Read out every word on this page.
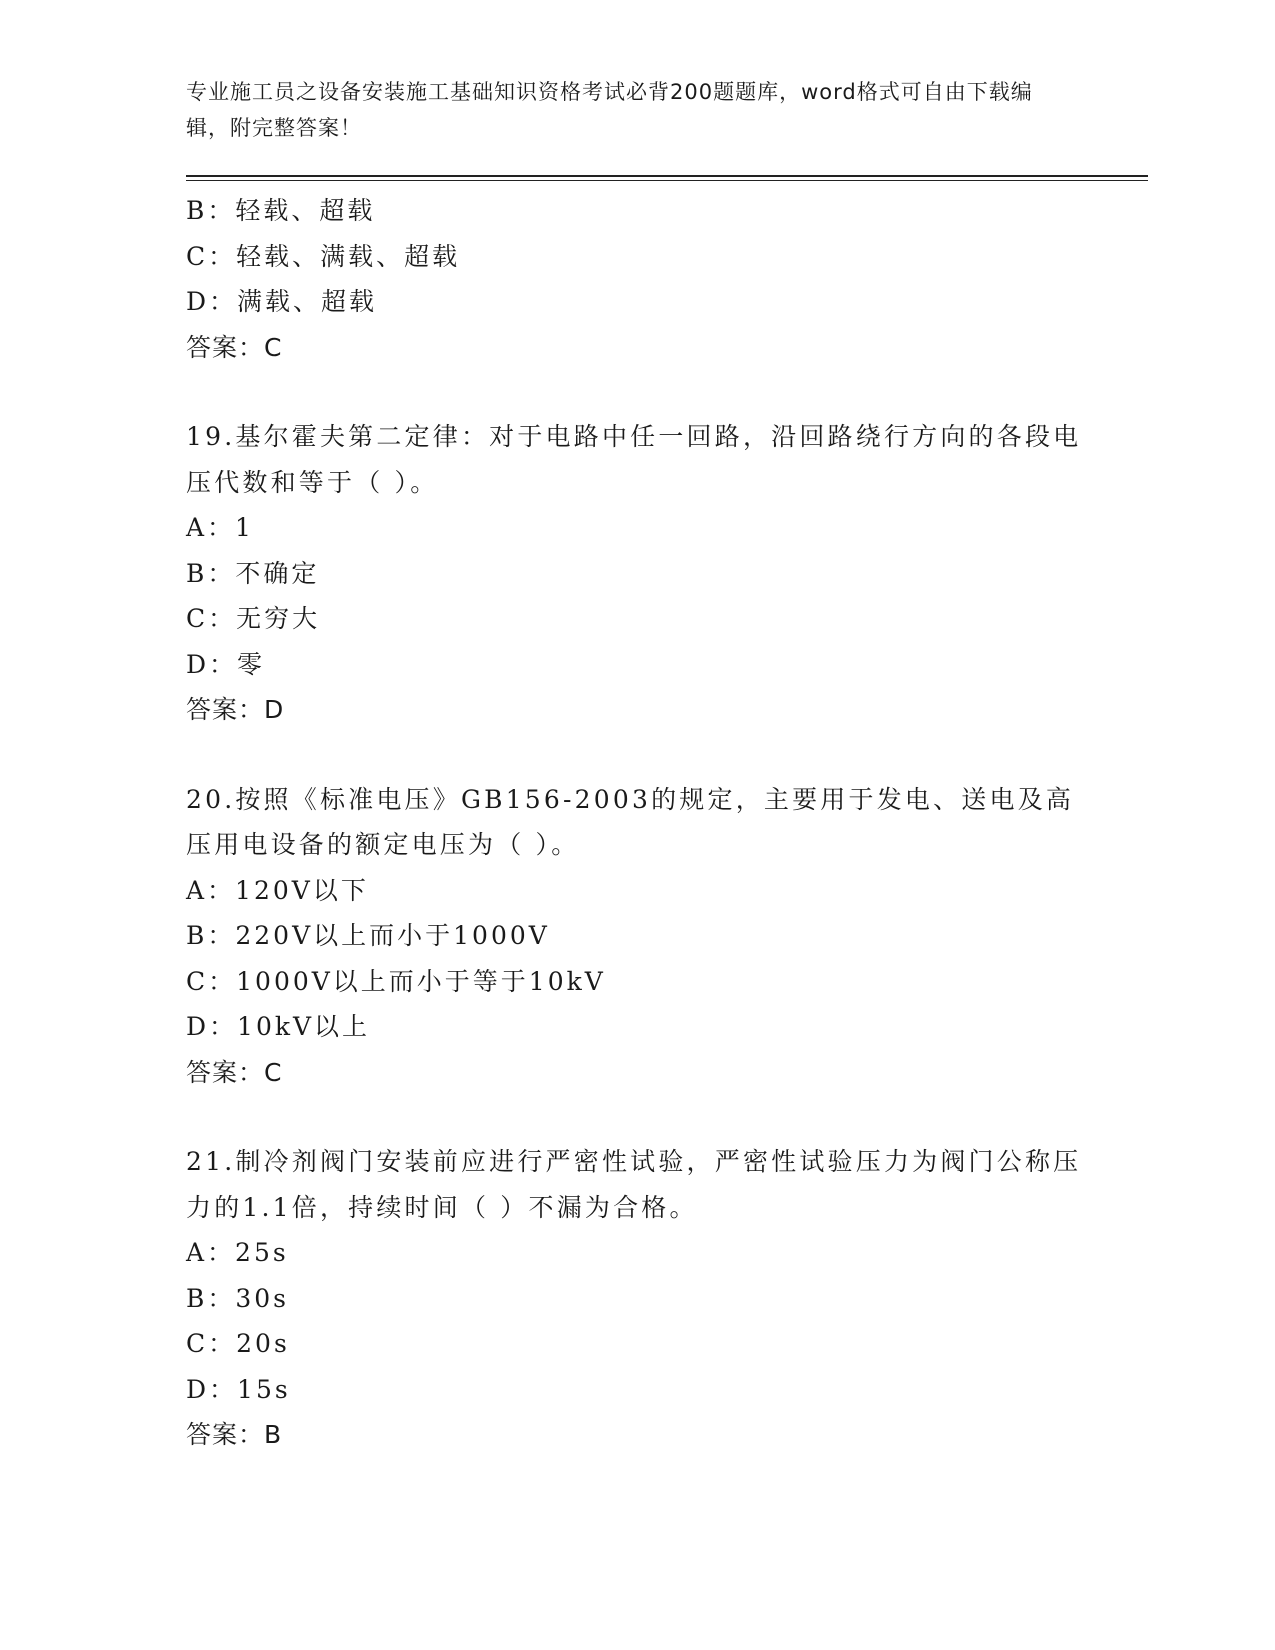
专业施工员之设备安装施工基础知识资格考试必背200题题库，word格式可自由下载编辑，附完整答案！
B：轻载、超载
C：轻载、满载、超载
D：满载、超载
答案：C
19.基尔霍夫第二定律：对于电路中任一回路，沿回路绕行方向的各段电压代数和等于（ ）。
A：1
B：不确定
C：无穷大
D：零
答案：D
20.按照《标准电压》GB156-2003的规定，主要用于发电、送电及高压用电设备的额定电压为（ ）。
A：120V以下
B：220V以上而小于1000V
C：1000V以上而小于等于10kV
D：10kV以上
答案：C
21.制冷剂阀门安装前应进行严密性试验，严密性试验压力为阀门公称压力的1.1倍，持续时间（ ）不漏为合格。
A：25s
B：30s
C：20s
D：15s
答案：B
